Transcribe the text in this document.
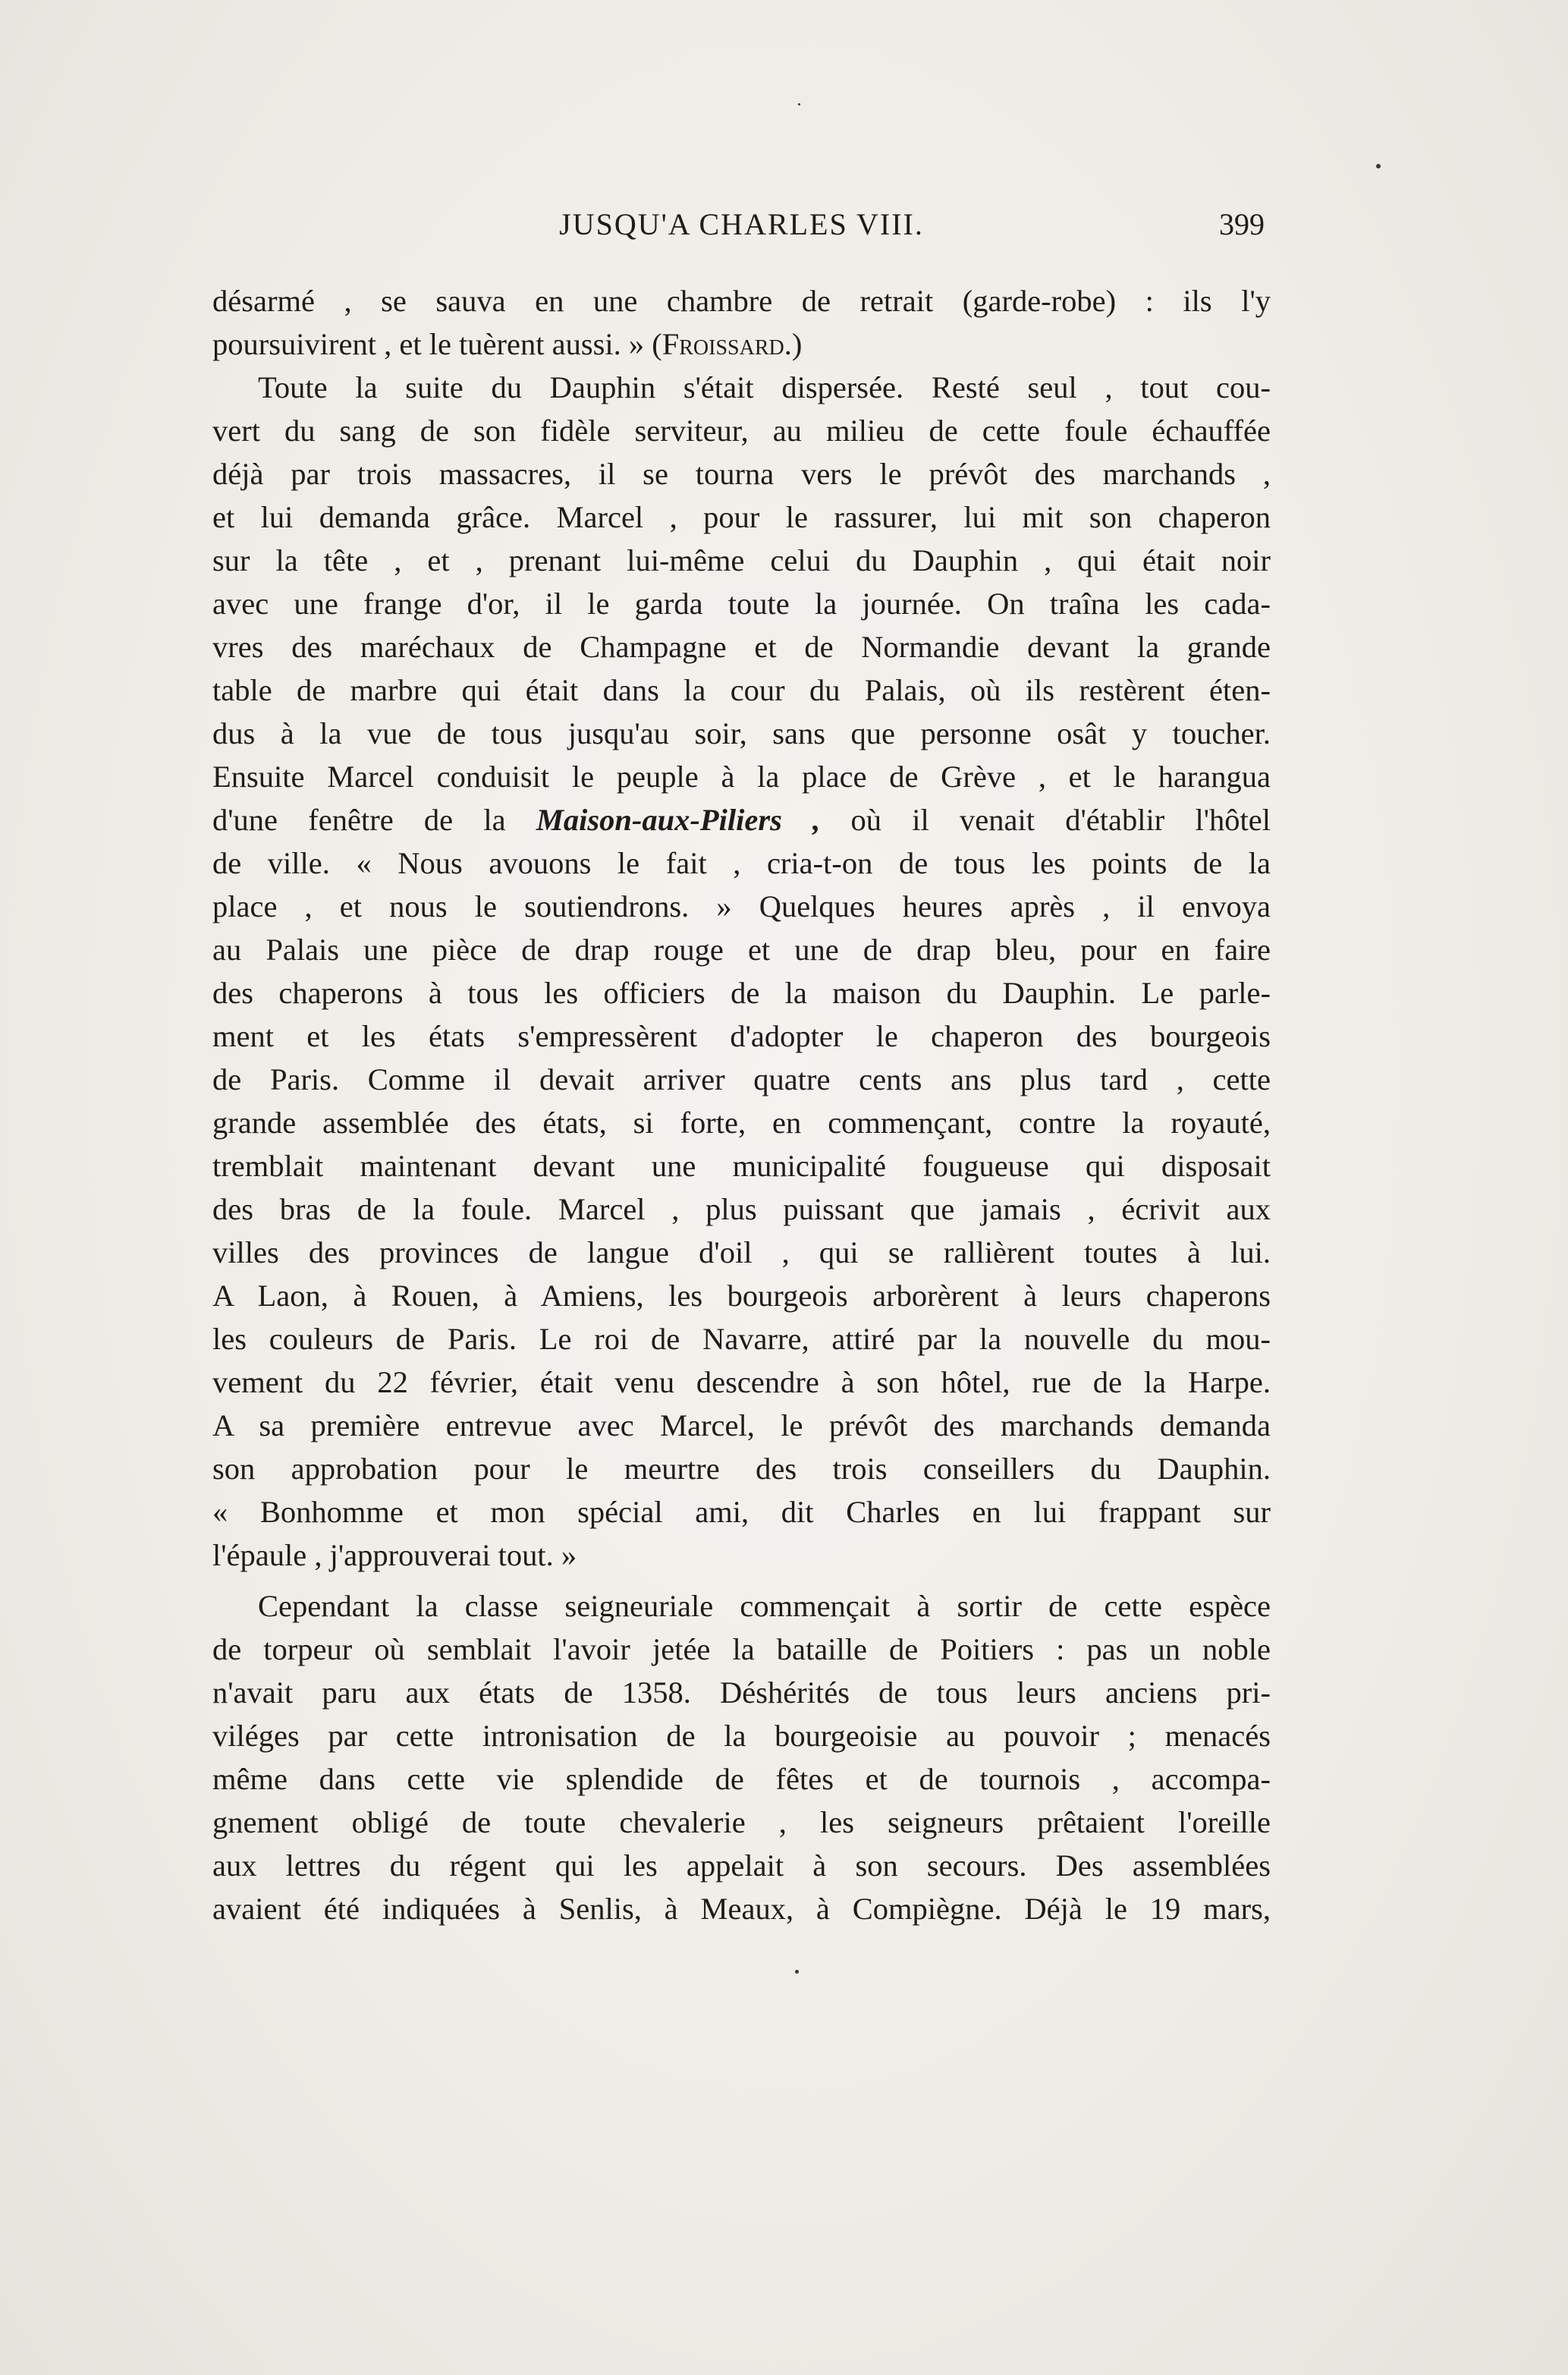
JUSQU'A CHARLES VIII.	399
désarmé , se sauva en une chambre de retrait (garde-robe) : ils l'y
poursuivirent , et le tuèrent aussi. » (Froissard.)
Toute la suite du Dauphin s'était dispersée. Resté seul , tout cou-
vert du sang de son fidèle serviteur, au milieu de cette foule échauffée
déjà par trois massacres, il se tourna vers le prévôt des marchands ,
et lui demanda grâce. Marcel , pour le rassurer, lui mit son chaperon
sur la tête , et , prenant lui-même celui du Dauphin , qui était noir
avec une frange d'or, il le garda toute la journée. On traîna les cada-
vres des maréchaux de Champagne et de Normandie devant la grande
table de marbre qui était dans la cour du Palais, où ils restèrent éten-
dus à la vue de tous jusqu'au soir, sans que personne osât y toucher.
Ensuite Marcel conduisit le peuple à la place de Grève , et le harangua
d'une fenêtre de la Maison-aux-Piliers , où il venait d'établir l'hôtel
de ville. « Nous avouons le fait , cria-t-on de tous les points de la
place , et nous le soutiendrons. » Quelques heures après , il envoya
au Palais une pièce de drap rouge et une de drap bleu, pour en faire
des chaperons à tous les officiers de la maison du Dauphin. Le parle-
ment et les états s'empressèrent d'adopter le chaperon des bourgeois
de Paris. Comme il devait arriver quatre cents ans plus tard , cette
grande assemblée des états, si forte, en commençant, contre la royauté,
tremblait maintenant devant une municipalité fougueuse qui disposait
des bras de la foule. Marcel , plus puissant que jamais , écrivit aux
villes des provinces de langue d'oil , qui se rallièrent toutes à lui.
A Laon, à Rouen, à Amiens, les bourgeois arborèrent à leurs chaperons
les couleurs de Paris. Le roi de Navarre, attiré par la nouvelle du mou-
vement du 22 février, était venu descendre à son hôtel, rue de la Harpe.
A sa première entrevue avec Marcel, le prévôt des marchands demanda
son approbation pour le meurtre des trois conseillers du Dauphin.
« Bonhomme et mon spécial ami, dit Charles en lui frappant sur
l'épaule , j'approuverai tout. »
Cependant la classe seigneuriale commençait à sortir de cette espèce
de torpeur où semblait l'avoir jetée la bataille de Poitiers : pas un noble
n'avait paru aux états de 1358. Déshérités de tous leurs anciens pri-
viléges par cette intronisation de la bourgeoisie au pouvoir ; menacés
même dans cette vie splendide de fêtes et de tournois , accompa-
gnement obligé de toute chevalerie , les seigneurs prêtaient l'oreille
aux lettres du régent qui les appelait à son secours. Des assemblées
avaient été indiquées à Senlis, à Meaux, à Compiègne. Déjà le 19 mars,
